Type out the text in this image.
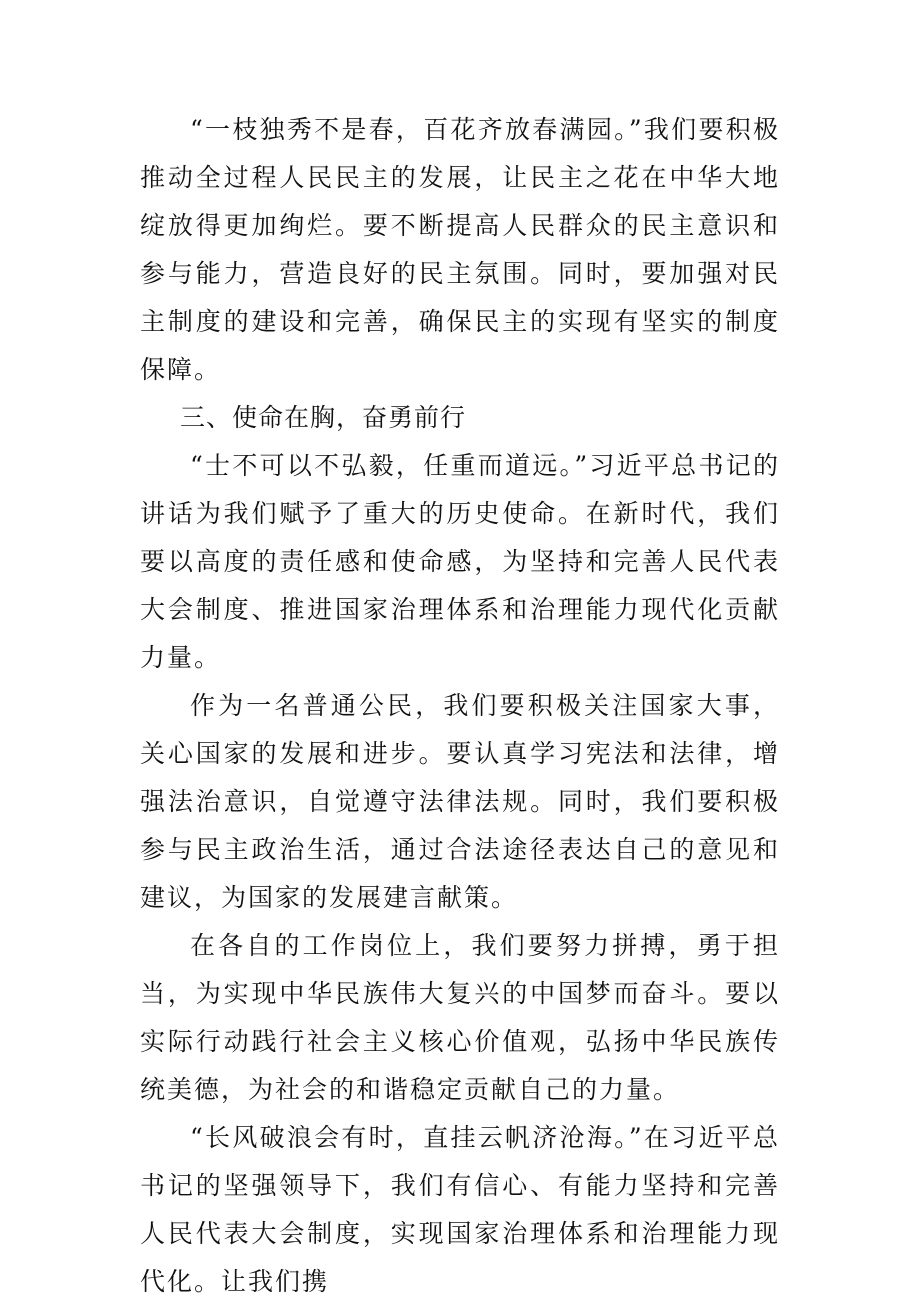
“一枝独秀不是春，百花齐放春满园。”我们要积极推动全过程人民民主的发展，让民主之花在中华大地绽放得更加绚烂。要不断提高人民群众的民主意识和参与能力，营造良好的民主氛围。同时，要加强对民主制度的建设和完善，确保民主的实现有坚实的制度保障。

三、使命在胸，奋勇前行

“士不可以不弘毅，任重而道远。”习近平总书记的讲话为我们赋予了重大的历史使命。在新时代，我们要以高度的责任感和使命感，为坚持和完善人民代表大会制度、推进国家治理体系和治理能力现代化贡献力量。

作为一名普通公民，我们要积极关注国家大事，关心国家的发展和进步。要认真学习宪法和法律，增强法治意识，自觉遵守法律法规。同时，我们要积极参与民主政治生活，通过合法途径表达自己的意见和建议，为国家的发展建言献策。

在各自的工作岗位上，我们要努力拼搏，勇于担当，为实现中华民族伟大复兴的中国梦而奋斗。要以实际行动践行社会主义核心价值观，弘扬中华民族传统美德，为社会的和谐稳定贡献自己的力量。

“长风破浪会有时，直挂云帆济沧海。”在习近平总书记的坚强领导下，我们有信心、有能力坚持和完善人民代表大会制度，实现国家治理体系和治理能力现代化。让我们携
